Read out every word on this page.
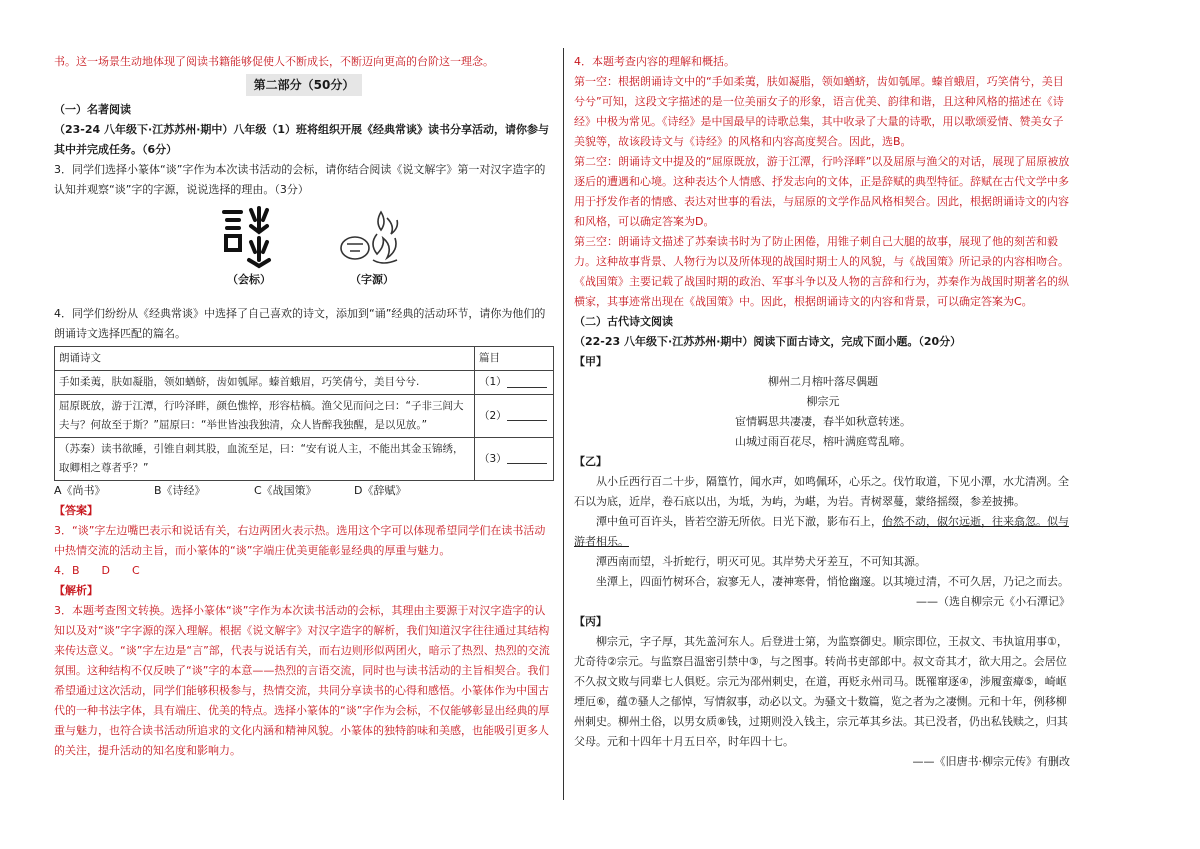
书。这一场景生动地体现了阅读书籍能够促使人不断成长，不断迈向更高的台阶这一理念。

第二部分（50分）

（一）名著阅读

（23-24 八年级下·江苏苏州·期中）八年级（1）班将组织开展《经典常谈》读书分享活动，请你参与其中并完成任务。（6分）

3．同学们选择小篆体“谈”字作为本次读书活动的会标，请你结合阅读《说文解字》第一对汉字造字的认知并观察“谈”字的字源，说说选择的理由。（3分）

（会标）	（字源）

4．同学们纷纷从《经典常谈》中选择了自己喜欢的诗文，添加到“诵”经典的活动环节，请你为他们的朗诵诗文选择匹配的篇名。

朗诵诗文	篇目
手如柔荑，肤如凝脂，领如蝤蛴，齿如瓠犀。螓首蛾眉，巧笑倩兮，美目兮兮.	（1）
屈原既放，游于江潭，行吟泽畔，颜色憔悴，形容枯槁。渔父见而问之曰：“子非三闾大夫与？何故至于斯？”屈原曰：“举世皆浊我独清，众人皆醉我独醒，是以见放。”	（2）
（苏秦）读书欲睡，引锥自刺其股，血流至足，曰：“安有说人主，不能出其金玉锦绣，取卿相之尊者乎？”	（3）
A《尚书》	B《诗经》	C《战国策》	D《辞赋》

【答案】

3．“谈”字左边嘴巴表示和说话有关，右边两团火表示热。选用这个字可以体现希望同学们在读书活动中热情交流的活动主旨，而小篆体的“谈”字端庄优美更能彰显经典的厚重与魅力。

4．B　　D　　C

【解析】

3．本题考查图文转换。选择小篆体“谈”字作为本次读书活动的会标，其理由主要源于对汉字造字的认知以及对“谈”字字源的深入理解。根据《说文解字》对汉字造字的解析，我们知道汉字往往通过其结构来传达意义。“谈”字左边是“言”部，代表与说话有关，而右边则形似两团火，暗示了热烈、热烈的交流氛围。这种结构不仅反映了“谈”字的本意——热烈的言语交流，同时也与读书活动的主旨相契合。我们希望通过这次活动，同学们能够积极参与，热情交流，共同分享读书的心得和感悟。小篆体作为中国古代的一种书法字体，具有端庄、优美的特点。选择小篆体的“谈”字作为会标，不仅能够彰显出经典的厚重与魅力，也符合读书活动所追求的文化内涵和精神风貌。小篆体的独特韵味和美感，也能吸引更多人的关注，提升活动的知名度和影响力。

4．本题考查内容的理解和概括。

第一空：根据朗诵诗文中的“手如柔荑，肤如凝脂，领如蝤蛴，齿如瓠犀。螓首蛾眉，巧笑倩兮，美目兮兮”可知，这段文字描述的是一位美丽女子的形象，语言优美、韵律和谐，且这种风格的描述在《诗经》中极为常见。《诗经》是中国最早的诗歌总集，其中收录了大量的诗歌，用以歌颂爱情、赞美女子美貌等，故该段诗文与《诗经》的风格和内容高度契合。因此，选B。

第二空：朗诵诗文中提及的“屈原既放，游于江潭，行吟泽畔”以及屈原与渔父的对话，展现了屈原被放逐后的遭遇和心境。这种表达个人情感、抒发志向的文体，正是辞赋的典型特征。辞赋在古代文学中多用于抒发作者的情感、表达对世事的看法，与屈原的文学作品风格相契合。因此，根据朗诵诗文的内容和风格，可以确定答案为D。

第三空：朗诵诗文描述了苏秦读书时为了防止困倦，用锥子刺自己大腿的故事，展现了他的刻苦和毅力。这种故事背景、人物行为以及所体现的战国时期士人的风貌，与《战国策》所记录的内容相吻合。《战国策》主要记载了战国时期的政治、军事斗争以及人物的言辞和行为，苏秦作为战国时期著名的纵横家，其事迹常出现在《战国策》中。因此，根据朗诵诗文的内容和背景，可以确定答案为C。

（二）古代诗文阅读

（22-23 八年级下·江苏苏州·期中）阅读下面古诗文，完成下面小题。（20分）

【甲】

柳州二月榕叶落尽偶题

柳宗元

宦情羁思共凄凄，春半如秋意转迷。

山城过雨百花尽，榕叶满庭莺乱啼。

【乙】

从小丘西行百二十步，隔篁竹，闻水声，如鸣佩环，心乐之。伐竹取道，下见小潭，水尤清冽。全石以为底，近岸，卷石底以出，为坻，为屿，为嵁，为岩。青树翠蔓，蒙络摇缀，参差披拂。

潭中鱼可百许头，皆若空游无所依。日光下澈，影布石上，佁然不动，俶尔远逝，往来翕忽。似与游者相乐。

潭西南而望，斗折蛇行，明灭可见。其岸势犬牙差互，不可知其源。

坐潭上，四面竹树环合，寂寥无人，凄神寒骨，悄怆幽邃。以其境过清，不可久居，乃记之而去。

——（选自柳宗元《小石潭记》

【丙】

柳宗元，字子厚，其先盖河东人。后登进士第，为监察御史。顺宗即位，王叔文、韦执谊用事①，尤奇待②宗元。与监察吕温密引禁中③，与之图事。转尚书吏部郎中。叔文奇其才，欲大用之。会居位不久叔文败与同辈七人俱贬。宗元为邵州刺史，在道，再贬永州司马。既罹窜逐④，涉履蛮瘴⑤，崎岖堙厄⑥，蕴⑦骚人之郁悼，写情叙事，动必以文。为骚文十数篇，览之者为之凄恻。元和十年，例移柳州刺史。柳州土俗，以男女质⑧钱，过期则没入钱主，宗元革其乡法。其已没者，仍出私钱赎之，归其父母。元和十四年十月五日卒，时年四十七。

——《旧唐书·柳宗元传》有删改
